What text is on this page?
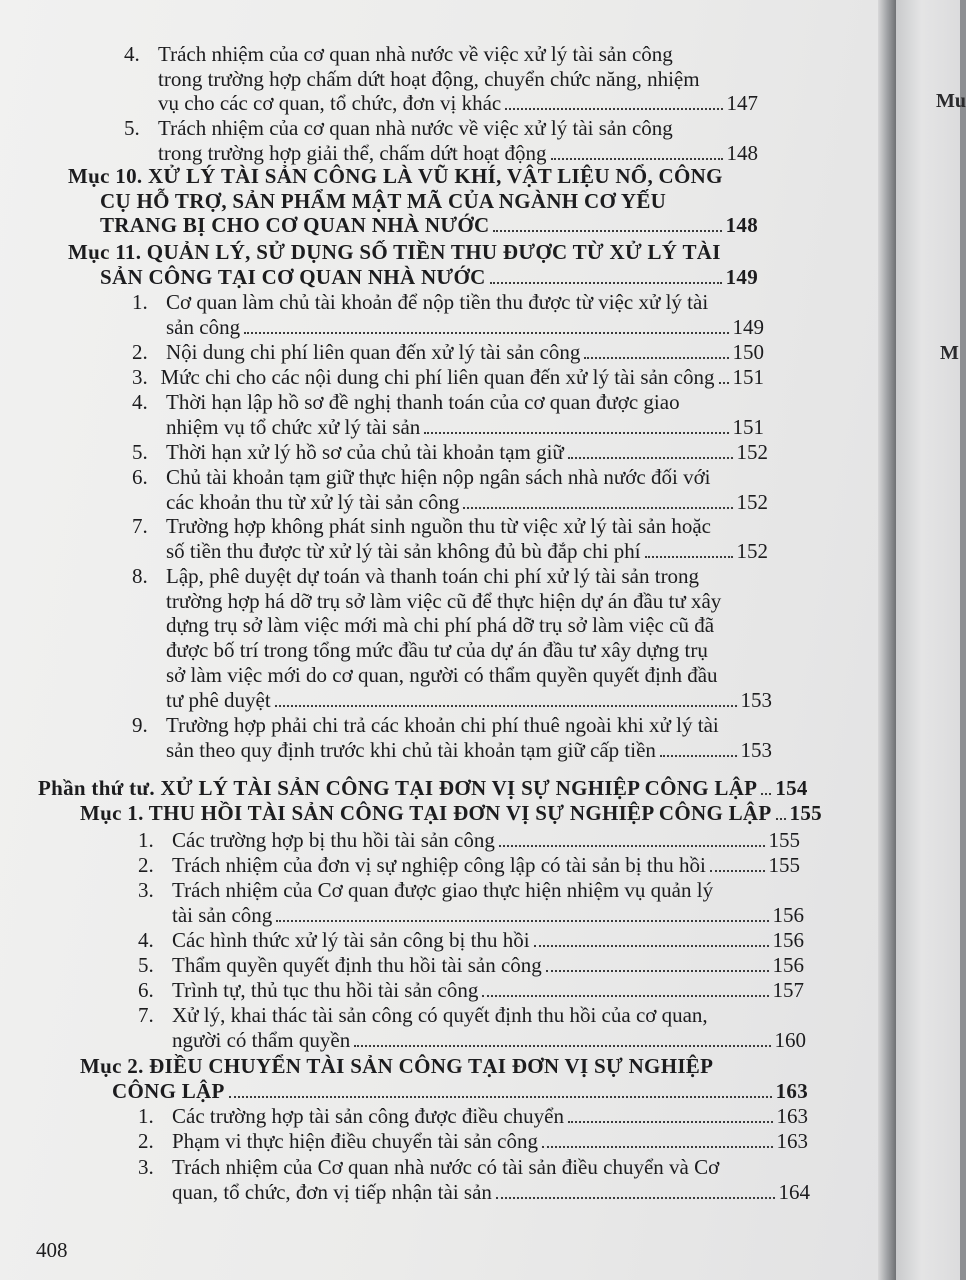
4. Trách nhiệm của cơ quan nhà nước về việc xử lý tài sản công
trong trường hợp chấm dứt hoạt động, chuyển chức năng, nhiệm
vụ cho các cơ quan, tổ chức, đơn vị khác	147
5. Trách nhiệm của cơ quan nhà nước về việc xử lý tài sản công
trong trường hợp giải thể, chấm dứt hoạt động	148
Mục 10. XỬ LÝ TÀI SẢN CÔNG LÀ VŨ KHÍ, VẬT LIỆU NỔ, CÔNG
CỤ HỖ TRỢ, SẢN PHẨM MẬT MÃ CỦA NGÀNH CƠ YẾU
TRANG BỊ CHO CƠ QUAN NHÀ NƯỚC	148
Mục 11. QUẢN LÝ, SỬ DỤNG SỐ TIỀN THU ĐƯỢC TỪ XỬ LÝ TÀI
SẢN CÔNG TẠI CƠ QUAN NHÀ NƯỚC	149
1. Cơ quan làm chủ tài khoản để nộp tiền thu được từ việc xử lý tài
sản công	149
2. Nội dung chi phí liên quan đến xử lý tài sản công	150
3. Mức chi cho các nội dung chi phí liên quan đến xử lý tài sản công 151
4. Thời hạn lập hồ sơ đề nghị thanh toán của cơ quan được giao
nhiệm vụ tổ chức xử lý tài sản	151
5. Thời hạn xử lý hồ sơ của chủ tài khoản tạm giữ	152
6. Chủ tài khoản tạm giữ thực hiện nộp ngân sách nhà nước đối với
các khoản thu từ xử lý tài sản công	152
7. Trường hợp không phát sinh nguồn thu từ việc xử lý tài sản hoặc
số tiền thu được từ xử lý tài sản không đủ bù đắp chi phí	152
8. Lập, phê duyệt dự toán và thanh toán chi phí xử lý tài sản trong
trường hợp há dỡ trụ sở làm việc cũ để thực hiện dự án đầu tư xây
dựng trụ sở làm việc mới mà chi phí phá dỡ trụ sở làm việc cũ đã
được bố trí trong tổng mức đầu tư của dự án đầu tư xây dựng trụ
sở làm việc mới do cơ quan, người có thẩm quyền quyết định đầu
tư phê duyệt	153
9. Trường hợp phải chi trả các khoản chi phí thuê ngoài khi xử lý tài
sản theo quy định trước khi chủ tài khoản tạm giữ cấp tiền	153
Phần thứ tư. XỬ LÝ TÀI SẢN CÔNG TẠI ĐƠN VỊ SỰ NGHIỆP CÔNG LẬP 154
Mục 1. THU HỒI TÀI SẢN CÔNG TẠI ĐƠN VỊ SỰ NGHIỆP CÔNG LẬP 155
1. Các trường hợp bị thu hồi tài sản công	155
2. Trách nhiệm của đơn vị sự nghiệp công lập có tài sản bị thu hồi	155
3. Trách nhiệm của Cơ quan được giao thực hiện nhiệm vụ quản lý
tài sản công	156
4. Các hình thức xử lý tài sản công bị thu hồi	156
5. Thẩm quyền quyết định thu hồi tài sản công	156
6. Trình tự, thủ tục thu hồi tài sản công	157
7. Xử lý, khai thác tài sản công có quyết định thu hồi của cơ quan,
người có thẩm quyền	160
Mục 2. ĐIỀU CHUYỂN TÀI SẢN CÔNG TẠI ĐƠN VỊ SỰ NGHIỆP
CÔNG LẬP	163
1. Các trường hợp tài sản công được điều chuyển	163
2. Phạm vi thực hiện điều chuyển tài sản công	163
3. Trách nhiệm của Cơ quan nhà nước có tài sản điều chuyển và Cơ
quan, tổ chức, đơn vị tiếp nhận tài sản	164
408
Mu
M
